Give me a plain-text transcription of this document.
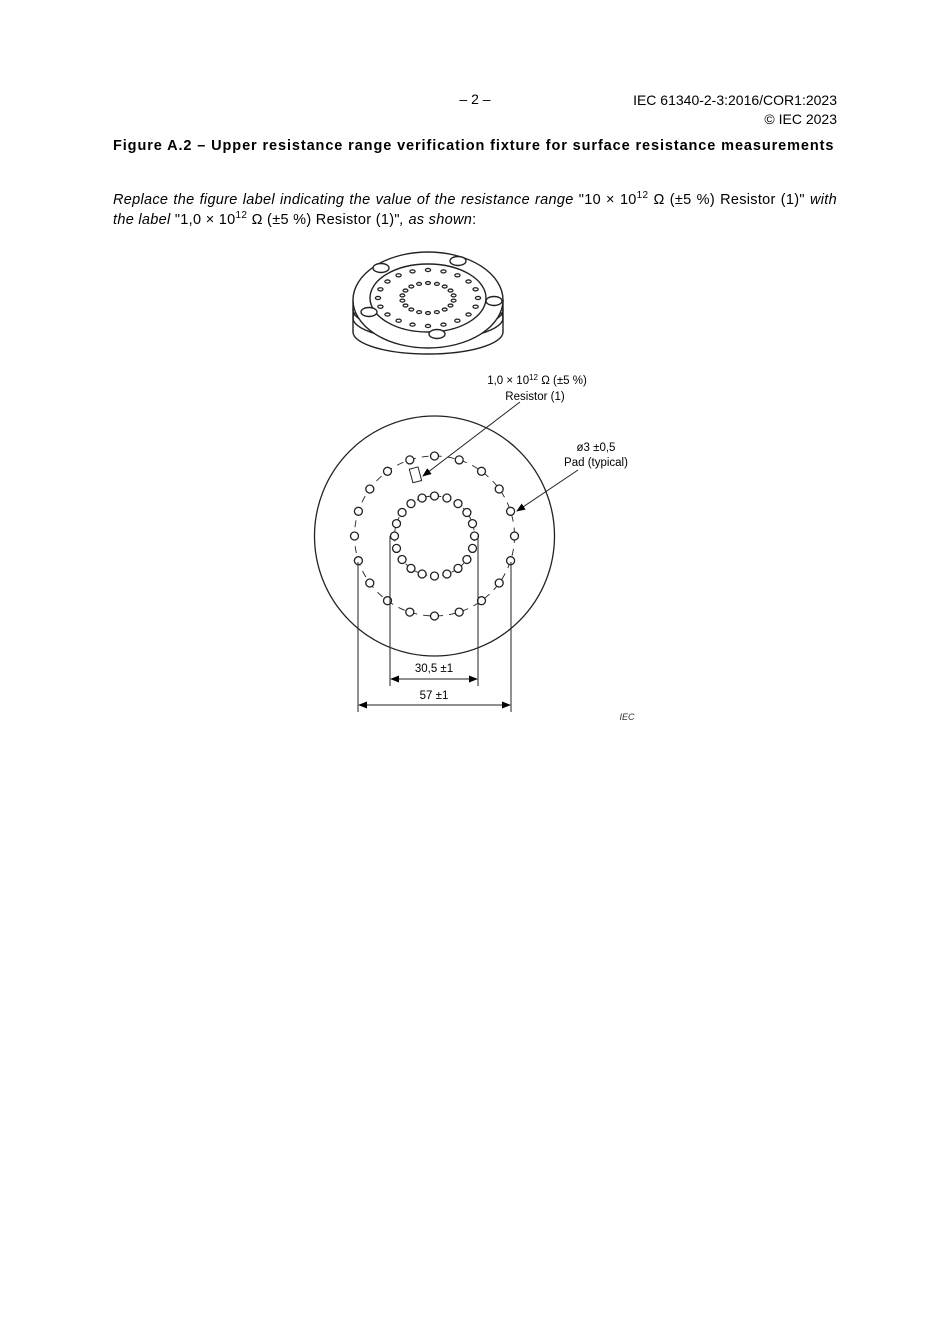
– 2 –	IEC 61340-2-3:2016/COR1:2023
© IEC 2023
Figure A.2 – Upper resistance range verification fixture for surface resistance measurements
Replace the figure label indicating the value of the resistance range "$10 \times 10^{12}$ Ω (±5 %) Resistor (1)" with the label "$1,0 \times 10^{12}$ Ω (±5 %) Resistor (1)", as shown:
$1,0 \times 10^{12}$ Ω (±5 %)
Resistor (1)
ø3 ±0,5
Pad (typical)
30,5 ±1
57 ±1
IEC
